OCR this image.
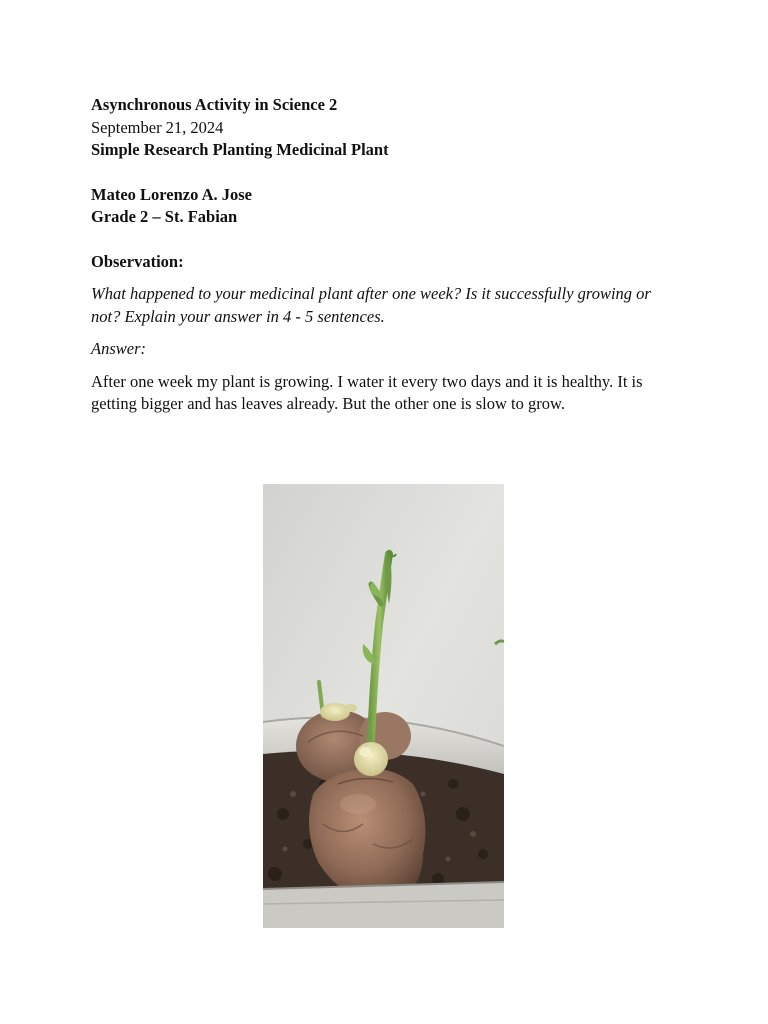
Asynchronous Activity in Science 2
September 21, 2024
Simple Research Planting Medicinal Plant
Mateo Lorenzo A. Jose
Grade 2 – St. Fabian
Observation:
What happened to your medicinal plant after one week? Is it successfully growing or not? Explain your answer in 4 - 5 sentences.
Answer:
After one week my plant is growing. I water it every two days and it is healthy. It is getting bigger and has leaves already. But the other one is slow to grow.
